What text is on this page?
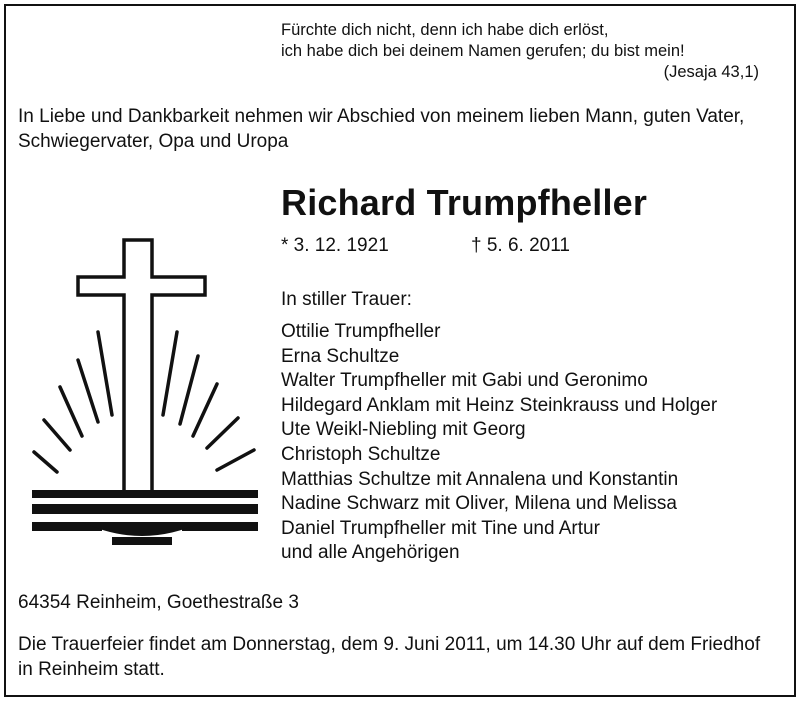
Fürchte dich nicht, denn ich habe dich erlöst,
ich habe dich bei deinem Namen gerufen; du bist mein!
(Jesaja 43,1)
In Liebe und Dankbarkeit nehmen wir Abschied von meinem lieben Mann, guten Vater, Schwiegervater, Opa und Uropa
Richard Trumpfheller
* 3. 12. 1921	† 5. 6. 2011
In stiller Trauer:
Ottilie Trumpfheller
Erna Schultze
Walter Trumpfheller mit Gabi und Geronimo
Hildegard Anklam mit Heinz Steinkrauss und Holger
Ute Weikl-Niebling mit Georg
Christoph Schultze
Matthias Schultze mit Annalena und Konstantin
Nadine Schwarz mit Oliver, Milena und Melissa
Daniel Trumpfheller mit Tine und Artur
und alle Angehörigen
64354 Reinheim, Goethestraße 3
Die Trauerfeier findet am Donnerstag, dem 9. Juni 2011, um 14.30 Uhr auf dem Friedhof in Reinheim statt.
